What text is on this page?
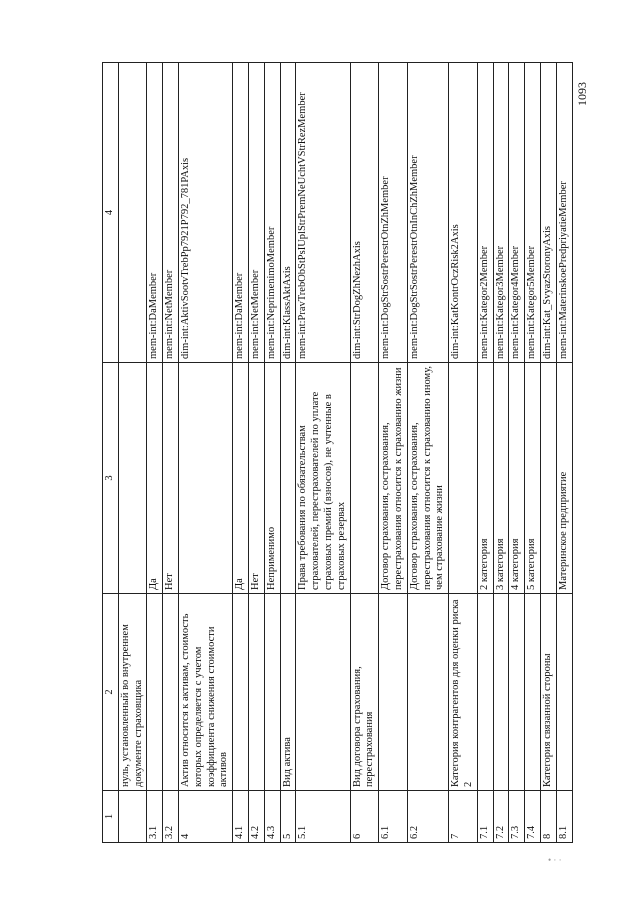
1093
1	2	3	4
	нуль, установленный во внутреннем документе страховщика		
3.1		Да	mem-int:DaMember
3.2		Нет	mem-int:NetMember
4	Актив относится к активам, стоимость которых определяется с учетом коэффициента снижения стоимости активов		dim-int:AktivSootvTrebPp7921P792_781PAxis
4.1		Да	mem-int:DaMember
4.2		Нет	mem-int:NetMember
4.3		Неприменимо	mem-int:NeprimenimoMember
5	Вид актива		dim-int:KlassAktAxis
5.1		Права требования по обязательствам страхователей, перестрахователей по уплате страховых премий (взносов), не учтенные в страховых резервах	mem-int:PravTrebObStPsIUplStrPremNeUchtVStrRezMember
6	Вид договора страхования, перестрахования		dim-int:StrDogZhNezhAxis
6.1		Договор страхования, сострахования, перестрахования относится к страхованию жизни	mem-int:DogStrSostrPerestrOtnZhMember
6.2		Договор страхования, сострахования, перестрахования относится к страхованию иному, чем страхование жизни	mem-int:DogStrSostrPerestrOtnInChZhMember
7	Категория контрагентов для оценки риска 2		dim-int:KatKontrOczRisk2Axis
7.1		2 категория	mem-int:Kategor2Member
7.2		3 категория	mem-int:Kategor3Member
7.3		4 категория	mem-int:Kategor4Member
7.4		5 категория	mem-int:Kategor5Member
8	Категория связанной стороны		dim-int:Kat_SvyazStoronyAxis
8.1		Материнское предприятие	mem-int:MaterinskoePredpriyatieMember
• · ·
